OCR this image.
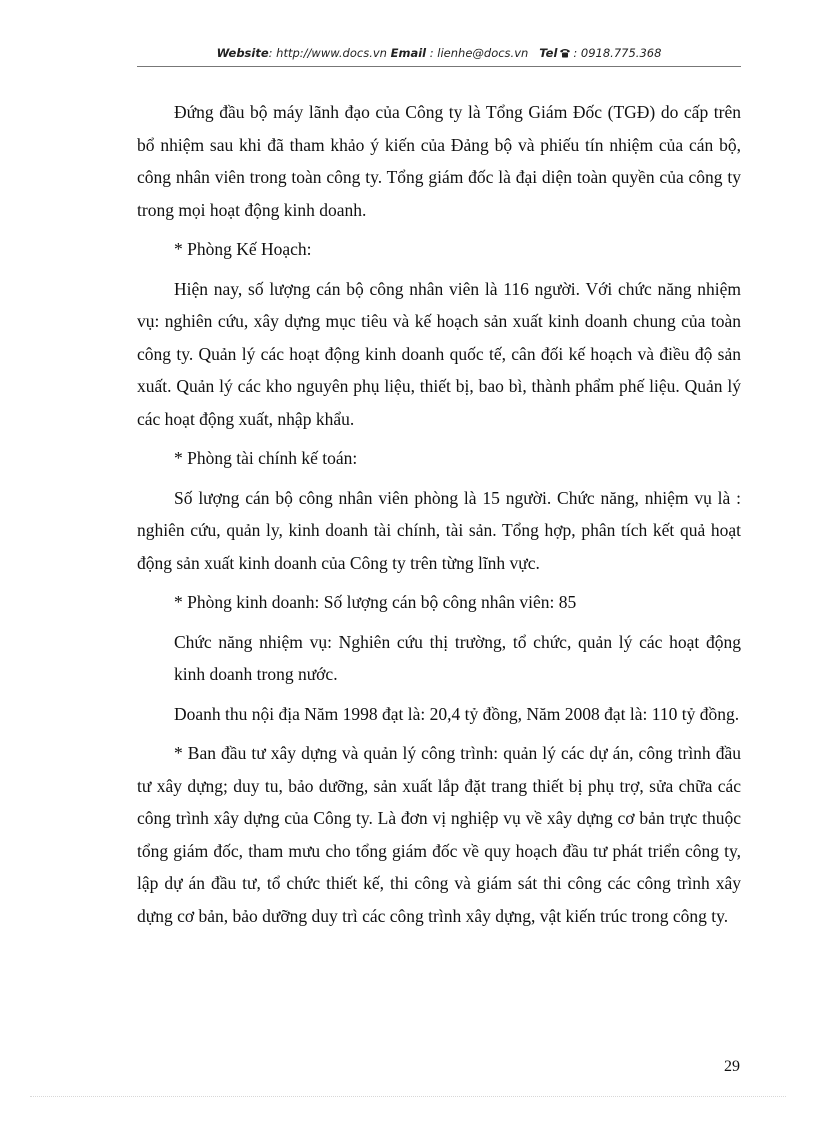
Website: http://www.docs.vn Email : lienhe@docs.vn Tel : 0918.775.368

Đứng đầu bộ máy lãnh đạo của Công ty là Tổng Giám Đốc (TGĐ) do cấp trên bổ nhiệm sau khi đã tham khảo ý kiến của Đảng bộ và phiếu tín nhiệm của cán bộ, công nhân viên trong toàn công ty. Tổng giám đốc là đại diện toàn quyền của công ty trong mọi hoạt động kinh doanh.

* Phòng Kế Hoạch:

Hiện nay, số lượng cán bộ công nhân viên là 116 người. Với chức năng nhiệm vụ: nghiên cứu, xây dựng mục tiêu và kế hoạch sản xuất kinh doanh chung của toàn công ty. Quản lý các hoạt động kinh doanh quốc tế, cân đối kế hoạch và điều độ sản xuất. Quản lý các kho nguyên phụ liệu, thiết bị, bao bì, thành phẩm phế liệu. Quản lý các hoạt động xuất, nhập khẩu.

* Phòng tài chính kế toán:

Số lượng cán bộ công nhân viên phòng là 15 người. Chức năng, nhiệm vụ là : nghiên cứu, quản ly, kinh doanh tài chính, tài sản. Tổng hợp, phân tích kết quả hoạt động sản xuất kinh doanh của Công ty trên từng lĩnh vực.

* Phòng kinh doanh: Số lượng cán bộ công nhân viên: 85

Chức năng nhiệm vụ: Nghiên cứu thị trường, tổ chức, quản lý các hoạt động kinh doanh trong nước.

Doanh thu nội địa Năm 1998 đạt là: 20,4 tỷ đồng, Năm 2008 đạt là: 110 tỷ đồng.

* Ban đầu tư xây dựng và quản lý công trình: quản lý các dự án, công trình đầu tư xây dựng; duy tu, bảo dưỡng, sản xuất lắp đặt trang thiết bị phụ trợ, sửa chữa các công trình xây dựng của Công ty. Là đơn vị nghiệp vụ về xây dựng cơ bản trực thuộc tổng giám đốc, tham mưu cho tổng giám đốc về quy hoạch đầu tư phát triển công ty, lập dự án đầu tư, tổ chức thiết kế, thi công và giám sát thi công các công trình xây dựng cơ bản, bảo dưỡng duy trì các công trình xây dựng, vật kiến trúc trong công ty.

29
